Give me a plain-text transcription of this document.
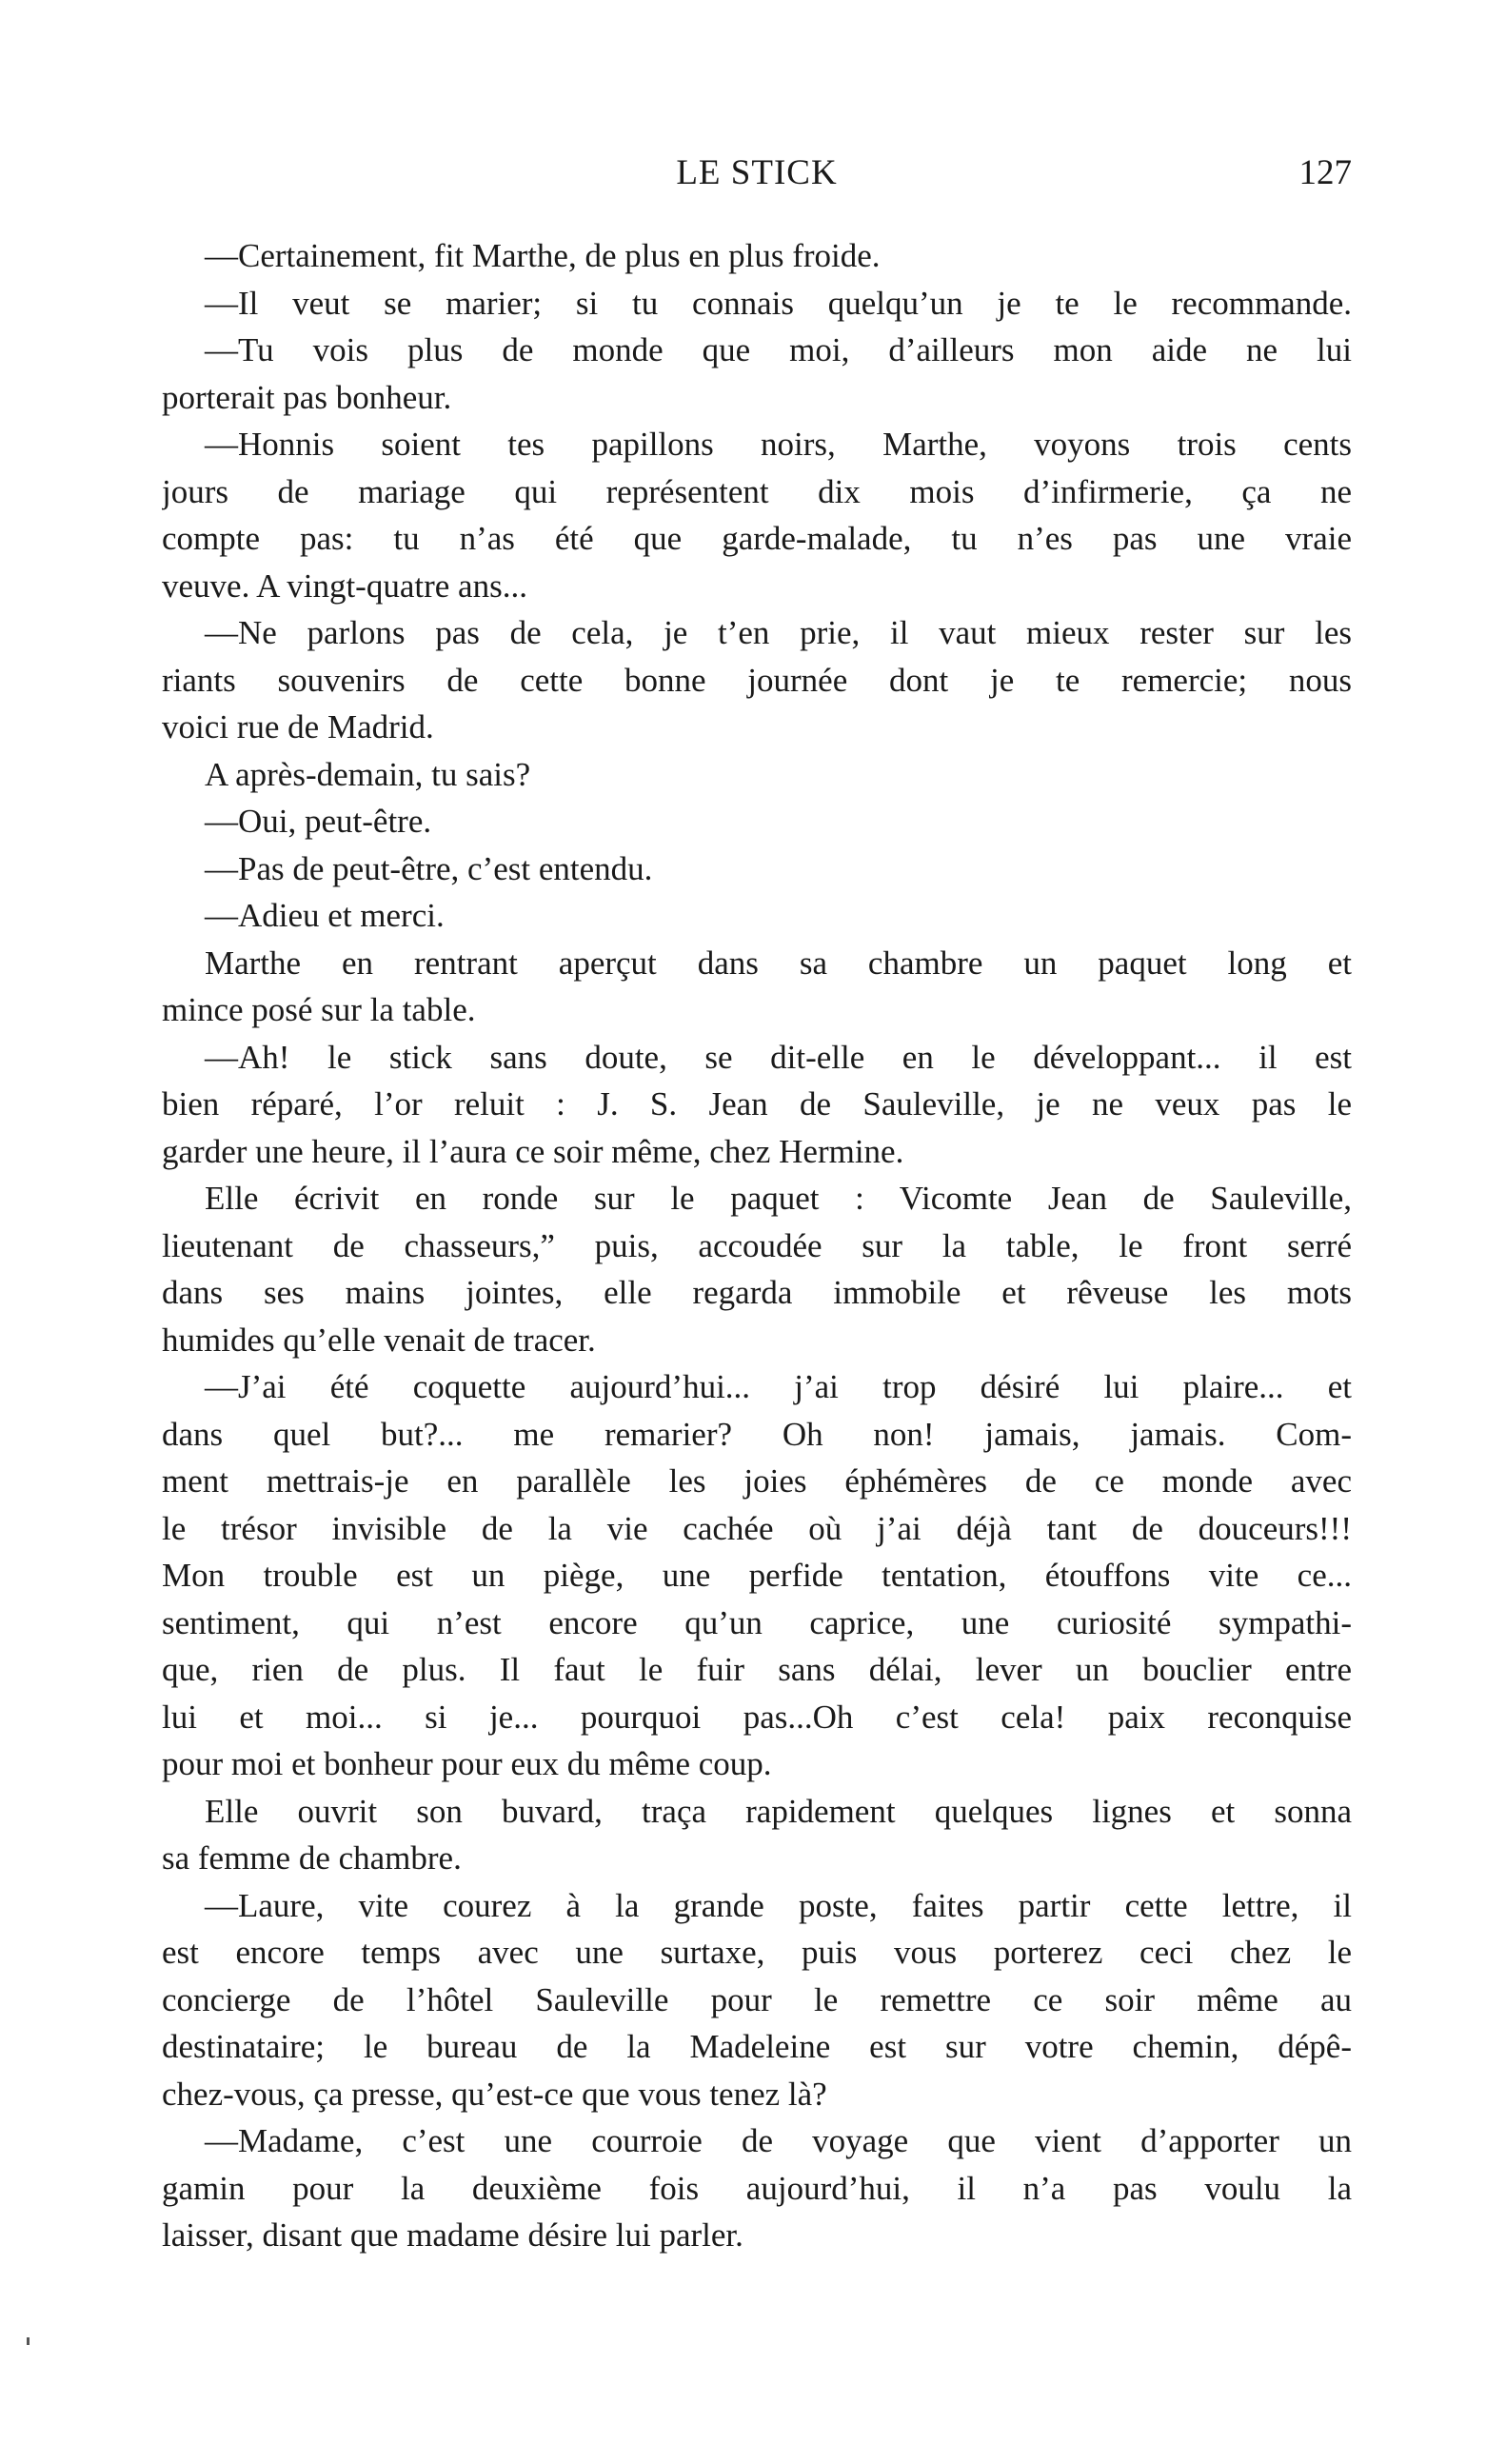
LE STICK	127
—Certainement, fit Marthe, de plus en plus froide.
—Il veut se marier; si tu connais quelqu’un je te le recommande.
—Tu vois plus de monde que moi, d’ailleurs mon aide ne lui
porterait pas bonheur.
—Honnis soient tes papillons noirs, Marthe, voyons trois cents
jours de mariage qui représentent dix mois d’infirmerie, ça ne
compte pas: tu n’as été que garde-malade, tu n’es pas une vraie
veuve. A vingt-quatre ans...
—Ne parlons pas de cela, je t’en prie, il vaut mieux rester sur les
riants souvenirs de cette bonne journée dont je te remercie; nous
voici rue de Madrid.
A après-demain, tu sais?
—Oui, peut-être.
—Pas de peut-être, c’est entendu.
—Adieu et merci.
Marthe en rentrant aperçut dans sa chambre un paquet long et
mince posé sur la table.
—Ah! le stick sans doute, se dit-elle en le développant... il est
bien réparé, l’or reluit : J. S. Jean de Sauleville, je ne veux pas le
garder une heure, il l’aura ce soir même, chez Hermine.
Elle écrivit en ronde sur le paquet : Vicomte Jean de Sauleville,
lieutenant de chasseurs,” puis, accoudée sur la table, le front serré
dans ses mains jointes, elle regarda immobile et rêveuse les mots
humides qu’elle venait de tracer.
—J’ai été coquette aujourd’hui... j’ai trop désiré lui plaire... et
dans quel but?... me remarier? Oh non! jamais, jamais. Com-
ment mettrais-je en parallèle les joies éphémères de ce monde avec
le trésor invisible de la vie cachée où j’ai déjà tant de douceurs!!!
Mon trouble est un piège, une perfide tentation, étouffons vite ce...
sentiment, qui n’est encore qu’un caprice, une curiosité sympathi-
que, rien de plus. Il faut le fuir sans délai, lever un bouclier entre
lui et moi... si je... pourquoi pas...Oh c’est cela! paix reconquise
pour moi et bonheur pour eux du même coup.
Elle ouvrit son buvard, traça rapidement quelques lignes et sonna
sa femme de chambre.
—Laure, vite courez à la grande poste, faites partir cette lettre, il
est encore temps avec une surtaxe, puis vous porterez ceci chez le
concierge de l’hôtel Sauleville pour le remettre ce soir même au
destinataire; le bureau de la Madeleine est sur votre chemin, dépê-
chez-vous, ça presse, qu’est-ce que vous tenez là?
—Madame, c’est une courroie de voyage que vient d’apporter un
gamin pour la deuxième fois aujourd’hui, il n’a pas voulu la
laisser, disant que madame désire lui parler.
